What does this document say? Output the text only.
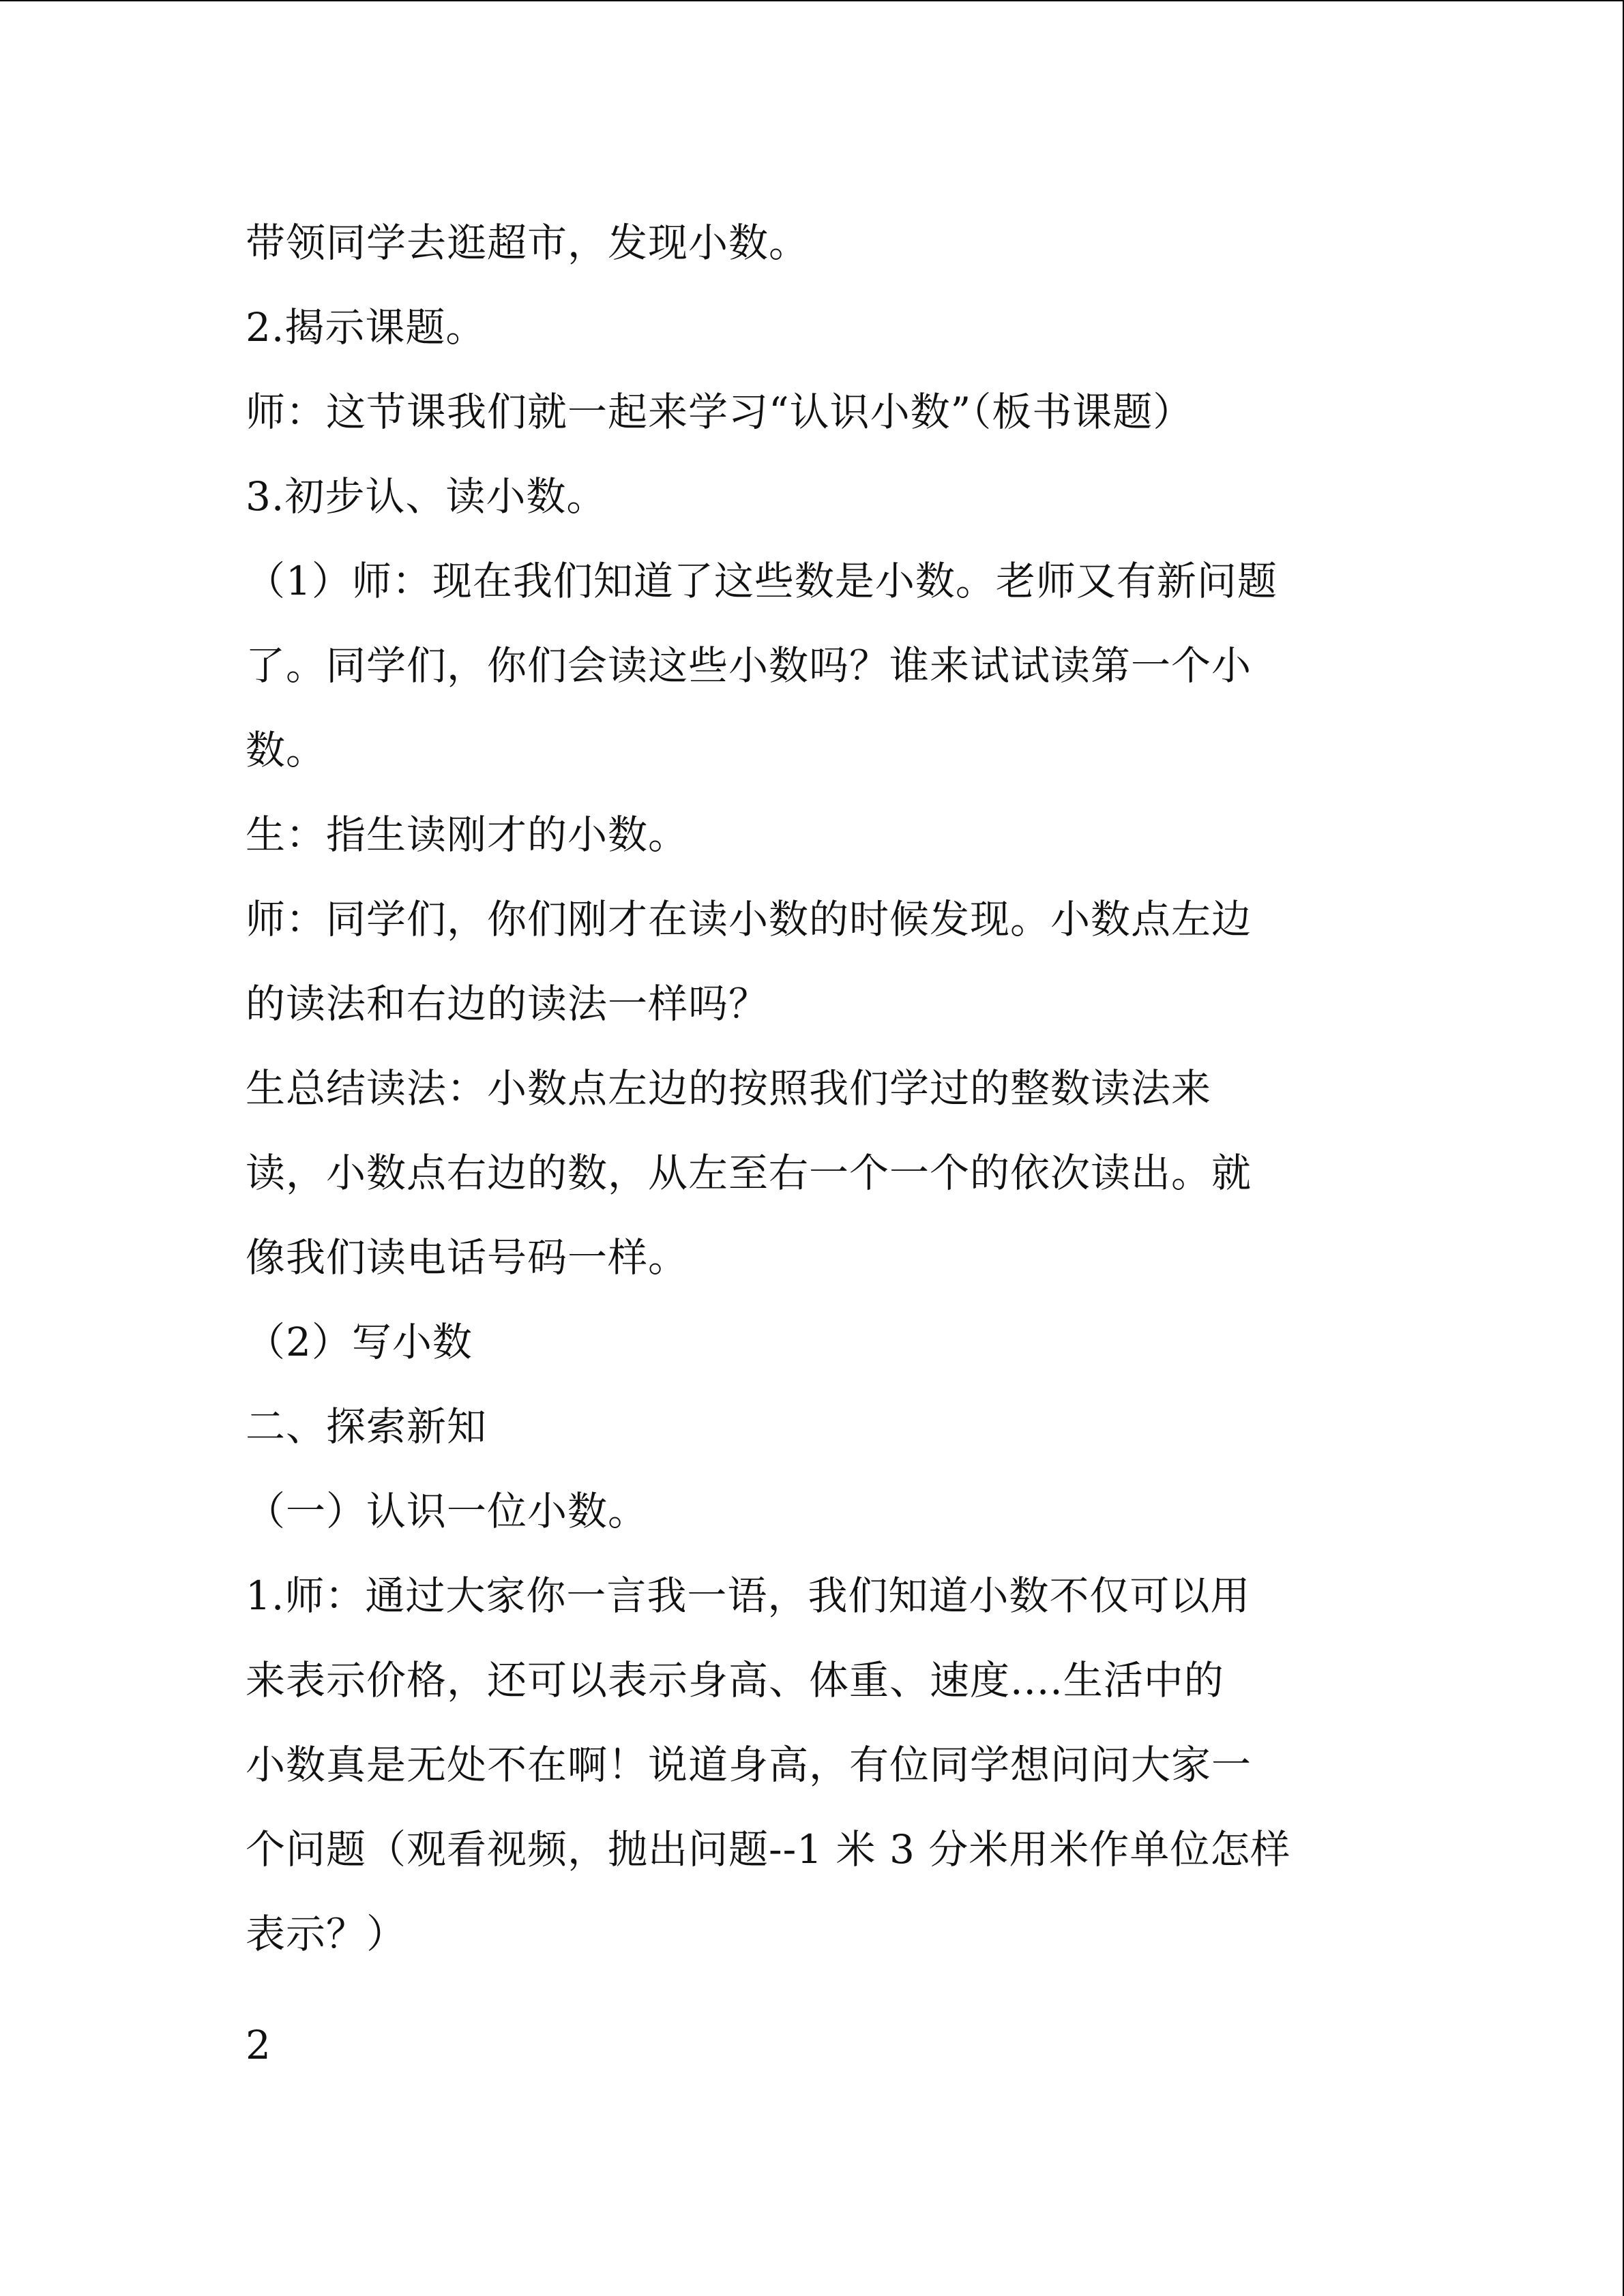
带领同学去逛超市，发现小数。
2.揭示课题。
师：这节课我们就一起来学习“认识小数”（板书课题）
3.初步认、读小数。
（1）师：现在我们知道了这些数是小数。老师又有新问题
了。同学们，你们会读这些小数吗？谁来试试读第一个小
数。
生：指生读刚才的小数。
师：同学们，你们刚才在读小数的时候发现。小数点左边
的读法和右边的读法一样吗？
生总结读法：小数点左边的按照我们学过的整数读法来
读，小数点右边的数，从左至右一个一个的依次读出。就
像我们读电话号码一样。
（2）写小数
二、探索新知
（一）认识一位小数。
1.师：通过大家你一言我一语，我们知道小数不仅可以用
来表示价格，还可以表示身高、体重、速度....生活中的
小数真是无处不在啊！说道身高，有位同学想问问大家一
个问题（观看视频，抛出问题--1 米 3 分米用米作单位怎样
表示？）
2
